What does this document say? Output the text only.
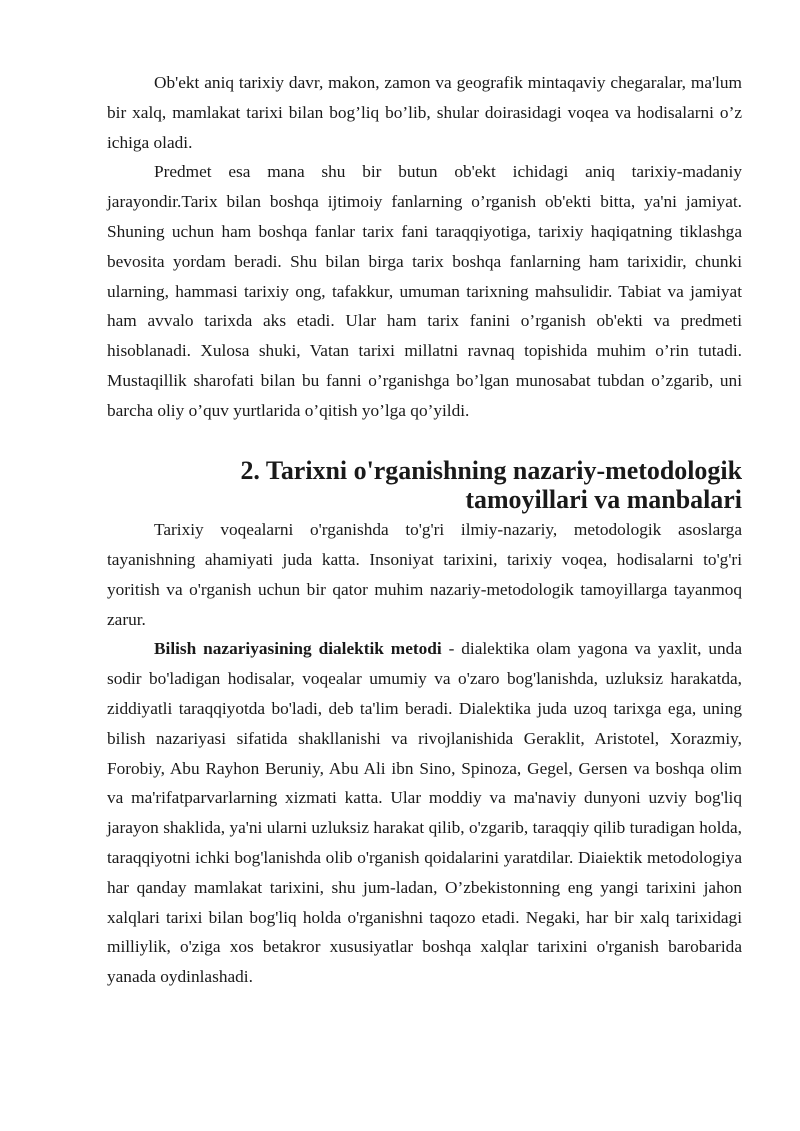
Ob'ekt aniq tarixiy davr, makon, zamon va geografik mintaqaviy chegaralar, ma'lum bir xalq, mamlakat tarixi bilan bog’liq bo’lib, shular doirasidagi voqea va hodisalarni o’z ichiga oladi.

Predmet esa mana shu bir butun ob'ekt ichidagi aniq tarixiy-madaniy jarayondir.Tarix bilan boshqa ijtimoiy fanlarning o’rganish ob'ekti bitta, ya'ni jamiyat. Shuning uchun ham boshqa fanlar tarix fani taraqqiyotiga, tarixiy haqiqatning tiklashga bevosita yordam beradi. Shu bilan birga tarix boshqa fanlarning ham tarixidir, chunki ularning, hammasi tarixiy ong, tafakkur, umuman tarixning mahsulidir. Tabiat va jamiyat ham avvalo tarixda aks etadi. Ular ham tarix fanini o’rganish ob'ekti va predmeti hisoblanadi. Xulosa shuki, Vatan tarixi millatni ravnaq topishida muhim o’rin tutadi. Mustaqillik sharofati bilan bu fanni o’rganishga bo’lgan munosabat tubdan o’zgarib, uni barcha oliy o’quv yurtlarida o’qitish yo’lga qo’yildi.

2. Tarixni o'rganishning nazariy-metodologik tamoyillari va manbalari

Tarixiy voqealarni o'rganishda to'g'ri ilmiy-nazariy, metodologik asoslarga tayanishning ahamiyati juda katta. Insoniyat tarixini, tarixiy voqea, hodisalarni to'g'ri yoritish va o'rganish uchun bir qator muhim nazariy-metodologik tamoyillarga tayanmoq zarur.

Bilish nazariyasining dialektik metodi - dialektika olam yagona va yaxlit, unda sodir bo'ladigan hodisalar, voqealar umumiy va o'zaro bog'lanishda, uzluksiz harakatda, ziddiyatli taraqqiyotda bo'ladi, deb ta'lim beradi. Dialektika juda uzoq tarixga ega, uning bilish nazariyasi sifatida shakllanishi va rivojlanishida Geraklit, Aristotel, Xorazmiy, Forobiy, Abu Rayhon Beruniy, Abu Ali ibn Sino, Spinoza, Gegel, Gersen va boshqa olim va ma'rifatparvarlarning xizmati katta. Ular moddiy va ma'naviy dunyoni uzviy bog'liq jarayon shaklida, ya'ni ularni uzluksiz harakat qilib, o'zgarib, taraqqiy qilib turadigan holda, taraqqiyotni ichki bog'lanishda olib o'rganish qoidalarini yaratdilar. Diaiektik metodologiya har qanday mamlakat tarixini, shu jum-ladan, O’zbekistonning eng yangi tarixini jahon xalqlari tarixi bilan bog'liq holda o'rganishni taqozo etadi. Negaki, har bir xalq tarixidagi milliylik, o'ziga xos betakror xususiyatlar boshqa xalqlar tarixini o'rganish barobarida yanada oydinlashadi.
